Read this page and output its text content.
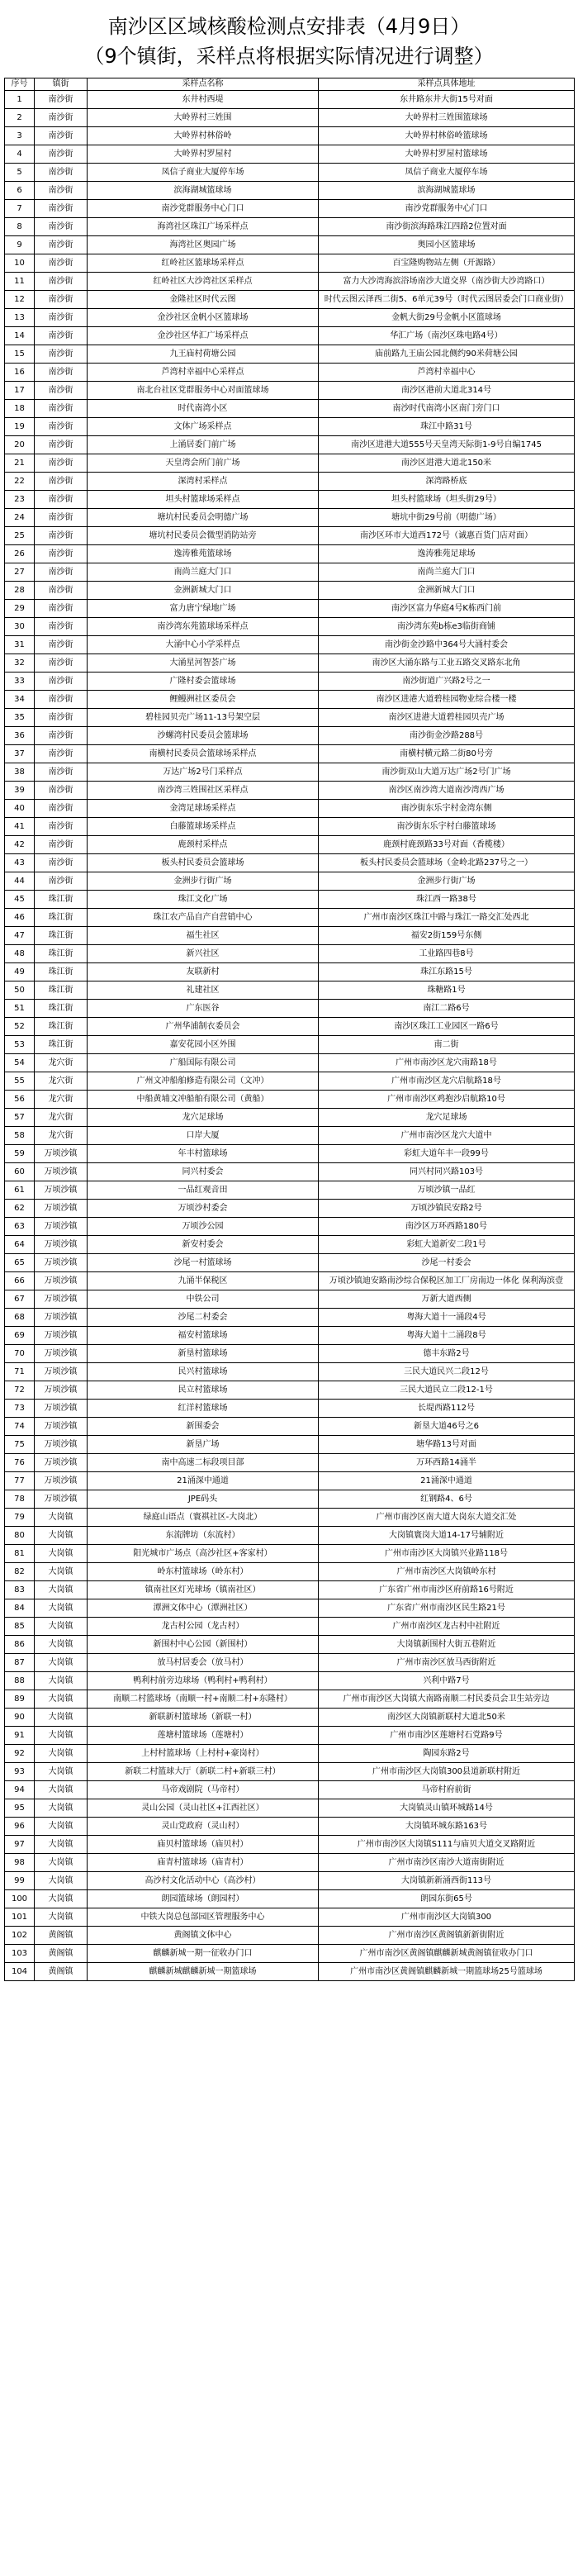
南沙区区域核酸检测点安排表（4月9日）
（9个镇街，采样点将根据实际情况进行调整）
序号	镇街	采样点名称	采样点具体地址
1	南沙街	东井村西堤	东井路东井大街15号对面
2	南沙街	大岭界村三姓围	大岭界村三姓围篮球场
3	南沙街	大岭界村林俗岭	大岭界村林俗岭篮球场
4	南沙街	大岭界村罗屋村	大岭界村罗屋村篮球场
5	南沙街	凤信子商业大厦停车场	凤信子商业大厦停车场
6	南沙街	滨海湖城篮球场	滨海湖城篮球场
7	南沙街	南沙党群服务中心门口	南沙党群服务中心门口
8	南沙街	海湾社区珠江广场采样点	南沙街滨海路珠江四路2位置对面
9	南沙街	海湾社区奥园广场	奥园小区篮球场
10	南沙街	红岭社区篮球场采样点	百宝隆购物站左侧（开源路）
11	南沙街	红岭社区大沙湾社区采样点	富力大沙湾海滨浴场南沙大道交界（南沙街大沙湾路口）
12	南沙街	金隆社区时代云图	时代云图云泽西二街5、6单元39号（时代云图居委会门口商业街）
13	南沙街	金沙社区金帆小区篮球场	金帆大街29号金帆小区篮球场
14	南沙街	金沙社区华汇广场采样点	华汇广场（南沙区珠电路4号）
15	南沙街	九王庙村荷塘公园	庙前路九王庙公园北侧约90米荷塘公园
16	南沙街	芦湾村幸福中心采样点	芦湾村幸福中心
17	南沙街	南北台社区党群服务中心对面篮球场	南沙区港前大道北314号
18	南沙街	时代南湾小区	南沙时代南湾小区南门旁门口
19	南沙街	文体广场采样点	珠江中路31号
20	南沙街	上涌居委门前广场	南沙区进港大道555号天皇湾天际街1-9号自编1745
21	南沙街	天皇湾会所门前广场	南沙区进港大道北150米
22	南沙街	深湾村采样点	深湾路桥底
23	南沙街	坦头村篮球场采样点	坦头村篮球场（坦头街29号）
24	南沙街	塘坑村民委员会明德广场	塘坑中街29号前（明德广场）
25	南沙街	塘坑村民委员会微型消防站旁	南沙区环市大道西172号（诚惠百货门店对面）
26	南沙街	逸涛雅苑篮球场	逸涛雅苑足球场
27	南沙街	南尚兰庭大门口	南尚兰庭大门口
28	南沙街	金洲新城大门口	金洲新城大门口
29	南沙街	富力唐宁绿地广场	南沙区富力华庭4号K栋西门前
30	南沙街	南沙湾东苑篮球场采样点	南沙湾东苑b栋e3临街商铺
31	南沙街	大涌中心小学采样点	南沙街金沙路中364号大涌村委会
32	南沙街	大涌星河智荟广场	南沙区大涌东路与工业五路交叉路东北角
33	南沙街	广隆村委会篮球场	南沙街道广兴路2号之一
34	南沙街	鲤鳗洲社区委员会	南沙区进港大道碧桂园物业综合楼一楼
35	南沙街	碧桂园贝壳广场11-13号架空层	南沙区进港大道碧桂园贝壳广场
36	南沙街	沙螺湾村民委员会篮球场	南沙街金沙路288号
37	南沙街	南横村民委员会篮球场采样点	南横村横元路二街80号旁
38	南沙街	万达广场2号门采样点	南沙街双山大道万达广场2号门广场
39	南沙街	南沙湾三姓围社区采样点	南沙区南沙湾大道南沙湾西广场
40	南沙街	金湾足球场采样点	南沙街东乐宇村金湾东侧
41	南沙街	白藤篮球场采样点	南沙街东乐宇村白藤篮球场
42	南沙街	鹿颈村采样点	鹿颈村鹿颈路33号对面（香榄楼）
43	南沙街	板头村民委员会篮球场	板头村民委员会篮球场（金岭北路237号之一）
44	南沙街	金洲步行街广场	金洲步行街广场
45	珠江街	珠江文化广场	珠江西一路38号
46	珠江街	珠江农产品自产自营销中心	广州市南沙区珠江中路与珠江一路交汇处西北
47	珠江街	福生社区	福安2街159号东侧
48	珠江街	新兴社区	工业路四巷8号
49	珠江街	友联新村	珠江东路15号
50	珠江街	礼建社区	珠糖路1号
51	珠江街	广东医谷	南江二路6号
52	珠江街	广州华浦制衣委员会	南沙区珠江工业园区一路6号
53	珠江街	嘉安花园小区外围	南二街
54	龙穴街	广船国际有限公司	广州市南沙区龙穴南路18号
55	龙穴街	广州文冲船舶修造有限公司（文冲）	广州市南沙区龙穴启航路18号
56	龙穴街	中船黄埔文冲船舶有限公司（黄船）	广州市南沙区鸡抱沙启航路10号
57	龙穴街	龙穴足球场	龙穴足球场
58	龙穴街	口岸大厦	广州市南沙区龙穴大道中
59	万顷沙镇	年丰村篮球场	彩虹大道年丰一段99号
60	万顷沙镇	同兴村委会	同兴村同兴路103号
61	万顷沙镇	一品红观音田	万顷沙镇一品红
62	万顷沙镇	万顷沙村委会	万顷沙镇民安路2号
63	万顷沙镇	万顷沙公园	南沙区万环西路180号
64	万顷沙镇	新安村委会	彩虹大道新安二段1号
65	万顷沙镇	沙尾一村篮球场	沙尾一村委会
66	万顷沙镇	九涌半保税区	万顷沙镇迪安路南沙综合保税区加工厂房南边一体化 保利海滨壹
67	万顷沙镇	中铁公司	万新大道西侧
68	万顷沙镇	沙尾二村委会	粤海大道十一涌段4号
69	万顷沙镇	福安村篮球场	粤海大道十二涌段8号
70	万顷沙镇	新垦村篮球场	德丰东路2号
71	万顷沙镇	民兴村篮球场	三民大道民兴二段12号
72	万顷沙镇	民立村篮球场	三民大道民立二段12-1号
73	万顷沙镇	红洋村篮球场	长堤西路112号
74	万顷沙镇	新围委会	新垦大道46号之6
75	万顷沙镇	新垦广场	塘华路13号对面
76	万顷沙镇	南中高速二标段项目部	万环西路14涌半
77	万顷沙镇	21涌深中通道	21涌深中通道
78	万顷沙镇	JPE码头	红钢路4、6号
79	大岗镇	绿庭山语点（寰祺社区-大岗北）	广州市南沙区南大道大岗东大道交汇处
80	大岗镇	东流牌坊（东流村）	大岗镇寰岗大道14-17号辅附近
81	大岗镇	阳光城市广场点（高沙社区+客家村）	广州市南沙区大岗镇兴业路118号
82	大岗镇	岭东村篮球场（岭东村）	广州市南沙区大岗镇岭东村
83	大岗镇	镇南社区灯光球场（镇南社区）	广东省广州市南沙区府前路16号附近
84	大岗镇	潭洲文体中心（潭洲社区）	广东省广州市南沙区民生路21号
85	大岗镇	龙古村公园（龙古村）	广州市南沙区龙古村中社附近
86	大岗镇	新围村中心公园（新围村）	大岗镇新围村大街五巷附近
87	大岗镇	放马村居委会（放马村）	广州市南沙区放马西街附近
88	大岗镇	鸭利村前旁边球场（鸭利村+鸭利村）	兴利中路7号
89	大岗镇	南顺二村篮球场（南顺一村+南顺二村+东隆村）	广州市南沙区大岗镇大南路南顺二村民委员会卫生站旁边
90	大岗镇	新联新村篮球场（新联一村）	南沙区大岗镇新联村大道北50米
91	大岗镇	莲塘村篮球场（莲塘村）	广州市南沙区莲塘村石党路9号
92	大岗镇	上村村篮球场（上村村+豪岗村）	陶园东路2号
93	大岗镇	新联二村篮球大厅（新联二村+新联三村）	广州市南沙区大岗镇300县道新联村附近
94	大岗镇	马帝戏剧院（马帝村）	马帝村府前街
95	大岗镇	灵山公园（灵山社区+江西社区）	大岗镇灵山镇环城路14号
96	大岗镇	灵山党政府（灵山村）	大岗镇环城东路163号
97	大岗镇	庙贝村篮球场（庙贝村）	广州市南沙区大岗镇S111与庙贝大道交叉路附近
98	大岗镇	庙青村篮球场（庙青村）	广州市南沙区南沙大道南街附近
99	大岗镇	高沙村文化活动中心（高沙村）	大岗镇新新涌西街113号
100	大岗镇	朗园篮球场（朗园村）	朗园东街65号
101	大岗镇	中铁大岗总包部园区管理服务中心	广州市南沙区大岗镇300
102	黄阁镇	黄阁镇文体中心	广州市南沙区黄阁镇新新街附近
103	黄阁镇	麒麟新城一期一征收办门口	广州市南沙区黄阁镇麒麟新城黄阁镇征收办门口
104	黄阁镇	麒麟新城麒麟新城一期篮球场	广州市南沙区黄阁镇麒麟新城一期篮球场25号篮球场
